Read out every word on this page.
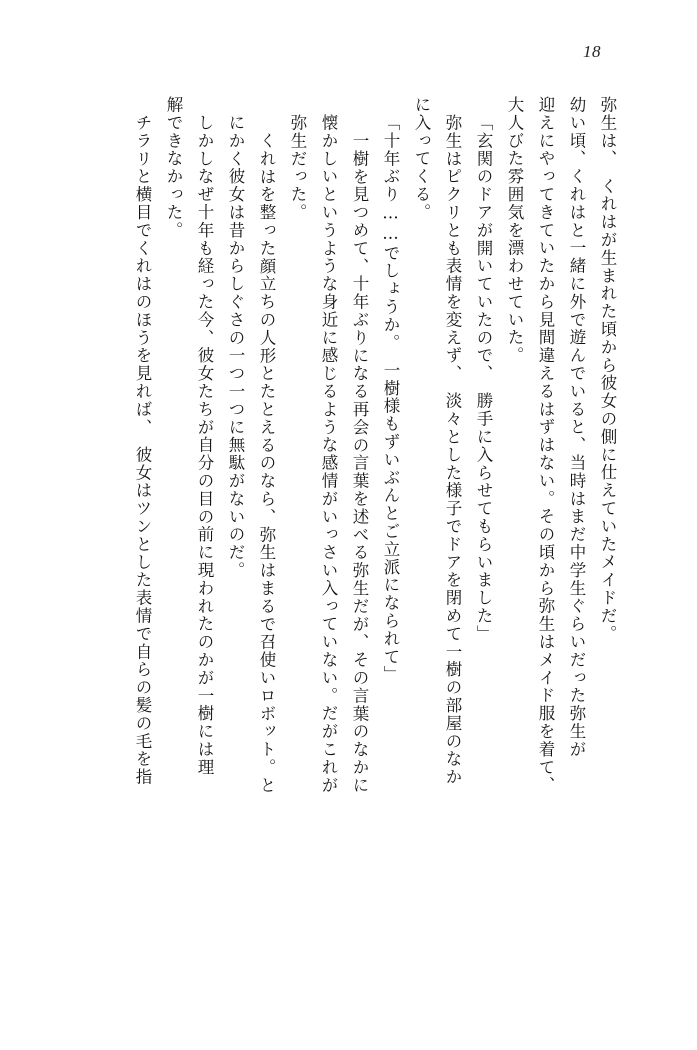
18
弥生は、　くれはが生まれた頃から彼女の側に仕えていたメイドだ。
幼い頃、くれはと一緒に外で遊んでいると、当時はまだ中学生ぐらいだった弥生が
迎えにやってきていたから見間違えるはずはない。その頃から弥生はメイド服を着て、
大人びた雰囲気を漂わせていた。
「玄関のドアが開いていたので、　勝手に入らせてもらいました」
弥生はピクリとも表情を変えず、　淡々とした様子でドアを閉めて一樹の部屋のなか
に入ってくる。
「十年ぶり……でしょうか。　一樹様もずいぶんとご立派になられて」
一樹を見つめて、十年ぶりになる再会の言葉を述べる弥生だが、その言葉のなかに
懐かしいというような身近に感じるような感情がいっさい入っていない。だがこれが
弥生だった。
くれはを整った顔立ちの人形とたとえるのなら、弥生はまるで召使いロボット。と
にかく彼女は昔からしぐさの一つ一つに無駄がないのだ。
しかしなぜ十年も経った今、彼女たちが自分の目の前に現われたのかが一樹には理
解できなかった。
チラリと横目でくれはのほうを見れば、　彼女はツンとした表情で自らの髪の毛を指
